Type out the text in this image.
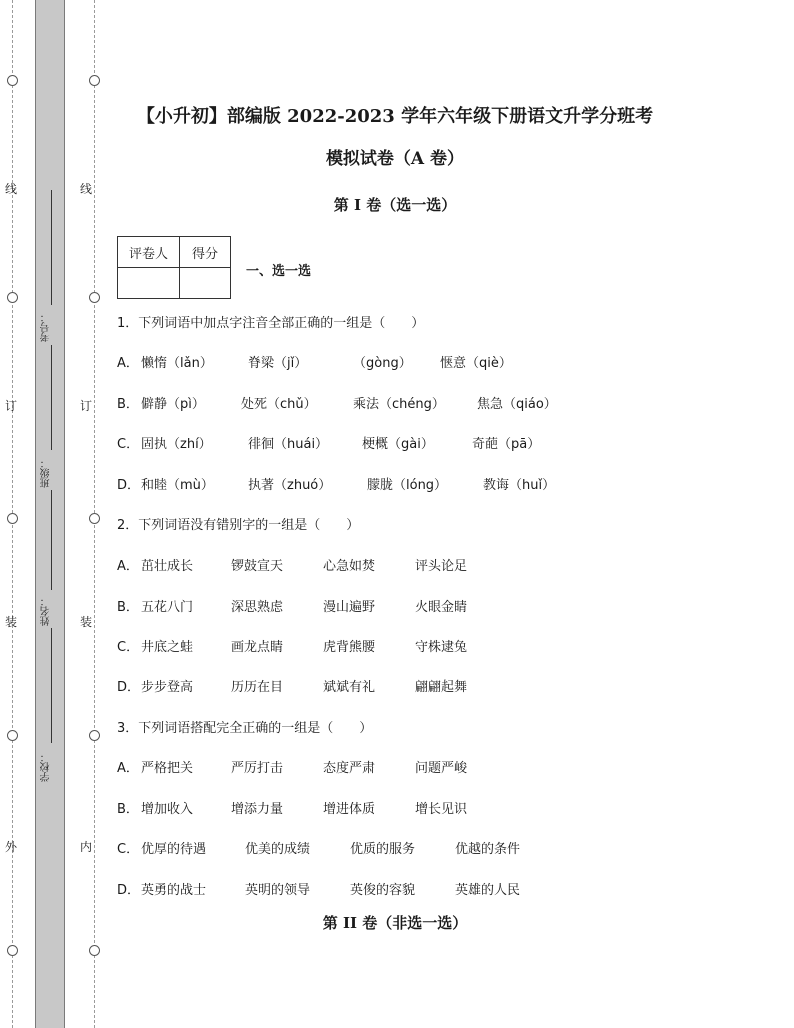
线
订
装
外
线
订
装
内
考号：
班级：
姓名：
学校：
【小升初】部编版 2022-2023 学年六年级下册语文升学分班考
模拟试卷（A 卷）
第 I 卷（选一选）
评卷人	得分

一、选一选
1．下列词语中加点字注音全部正确的一组是（　　）
A． 懒惰（lǎn）	脊梁（jǐ）	（gòng） 惬意（qiè）
B． 僻静（pì）	处死（chǔ）	乘法（chéng） 焦急（qiáo）
C． 固执（zhí）	徘徊（huái）	梗概（gài）	奇葩（pā）
D． 和睦（mù）	执著（zhuó）	朦胧（lóng）	教诲（huǐ）
2．下列词语没有错别字的一组是（　　）
A． 茁壮成长	锣鼓宣天	心急如焚	评头论足
B． 五花八门	深思熟虑	漫山遍野	火眼金睛
C． 井底之蛙	画龙点睛	虎背熊腰	守株逮兔
D． 步步登高	历历在目	斌斌有礼	翩翩起舞
3．下列词语搭配完全正确的一组是（　　）
A． 严格把关	严厉打击	态度严肃	问题严峻
B． 增加收入	增添力量	增进体质	增长见识
C． 优厚的待遇	优美的成绩	优质的服务	优越的条件
D． 英勇的战士	英明的领导	英俊的容貌	英雄的人民
第 II 卷（非选一选）
